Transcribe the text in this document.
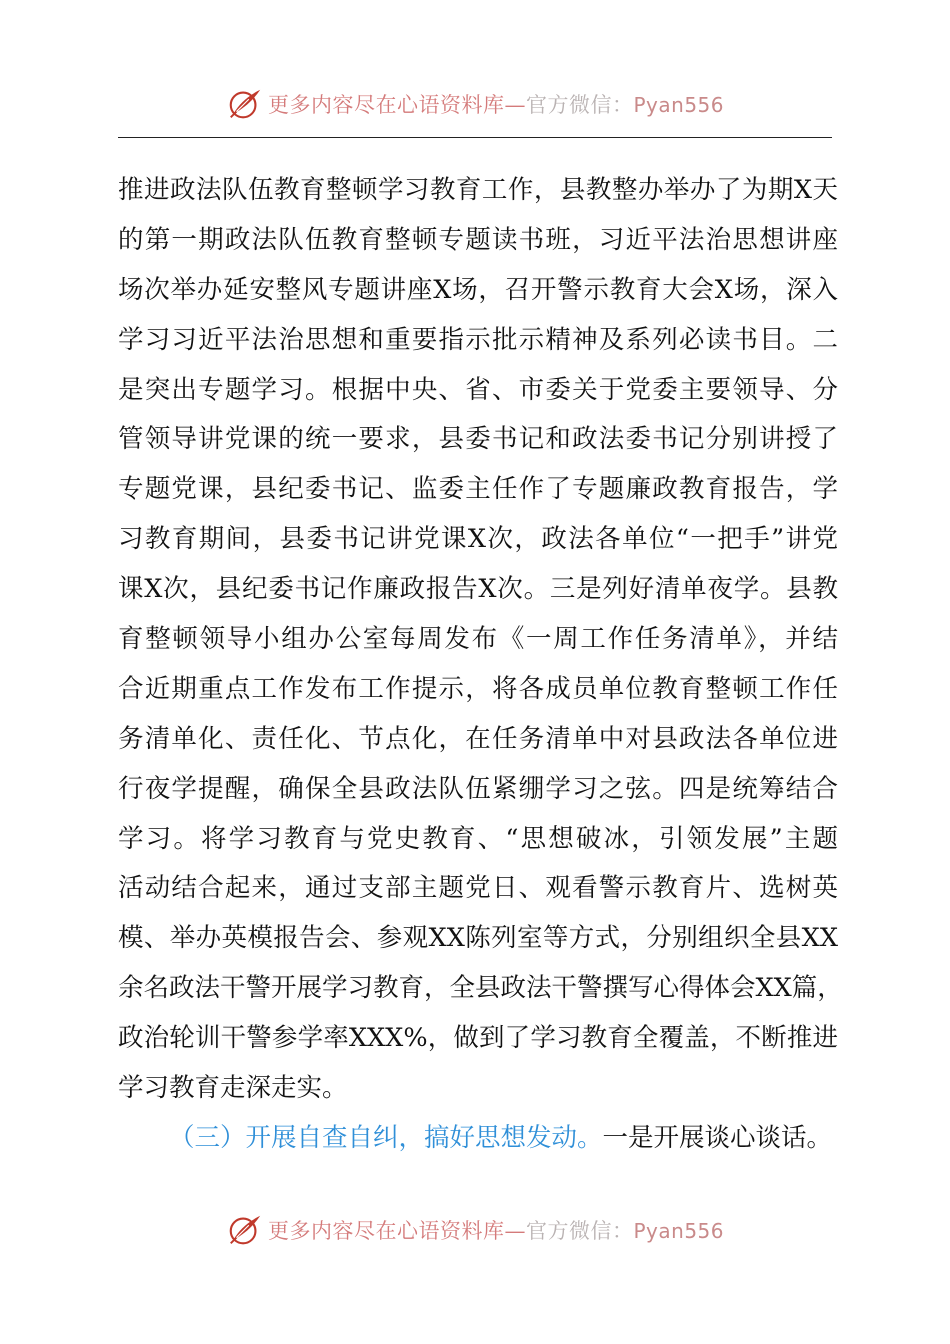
更多内容尽在心语资料库—官方微信：Pyan556
推进政法队伍教育整顿学习教育工作，县教整办举办了为期X天
的第一期政法队伍教育整顿专题读书班，习近平法治思想讲座
场次举办延安整风专题讲座X场，召开警示教育大会X场，深入
学习习近平法治思想和重要指示批示精神及系列必读书目。二
是突出专题学习。根据中央、省、市委关于党委主要领导、分
管领导讲党课的统一要求，县委书记和政法委书记分别讲授了
专题党课，县纪委书记、监委主任作了专题廉政教育报告，学
习教育期间，县委书记讲党课X次，政法各单位“一把手”讲党
课X次，县纪委书记作廉政报告X次。三是列好清单夜学。县教
育整顿领导小组办公室每周发布《一周工作任务清单》，并结
合近期重点工作发布工作提示，将各成员单位教育整顿工作任
务清单化、责任化、节点化，在任务清单中对县政法各单位进
行夜学提醒，确保全县政法队伍紧绷学习之弦。四是统筹结合
学习。将学习教育与党史教育、“思想破冰，引领发展”主题
活动结合起来，通过支部主题党日、观看警示教育片、选树英
模、举办英模报告会、参观XX陈列室等方式，分别组织全县XX
余名政法干警开展学习教育，全县政法干警撰写心得体会XX篇，
政治轮训干警参学率XXX%，做到了学习教育全覆盖，不断推进
学习教育走深走实。
（三）开展自查自纠，搞好思想发动。一是开展谈心谈话。
更多内容尽在心语资料库—官方微信：Pyan556
